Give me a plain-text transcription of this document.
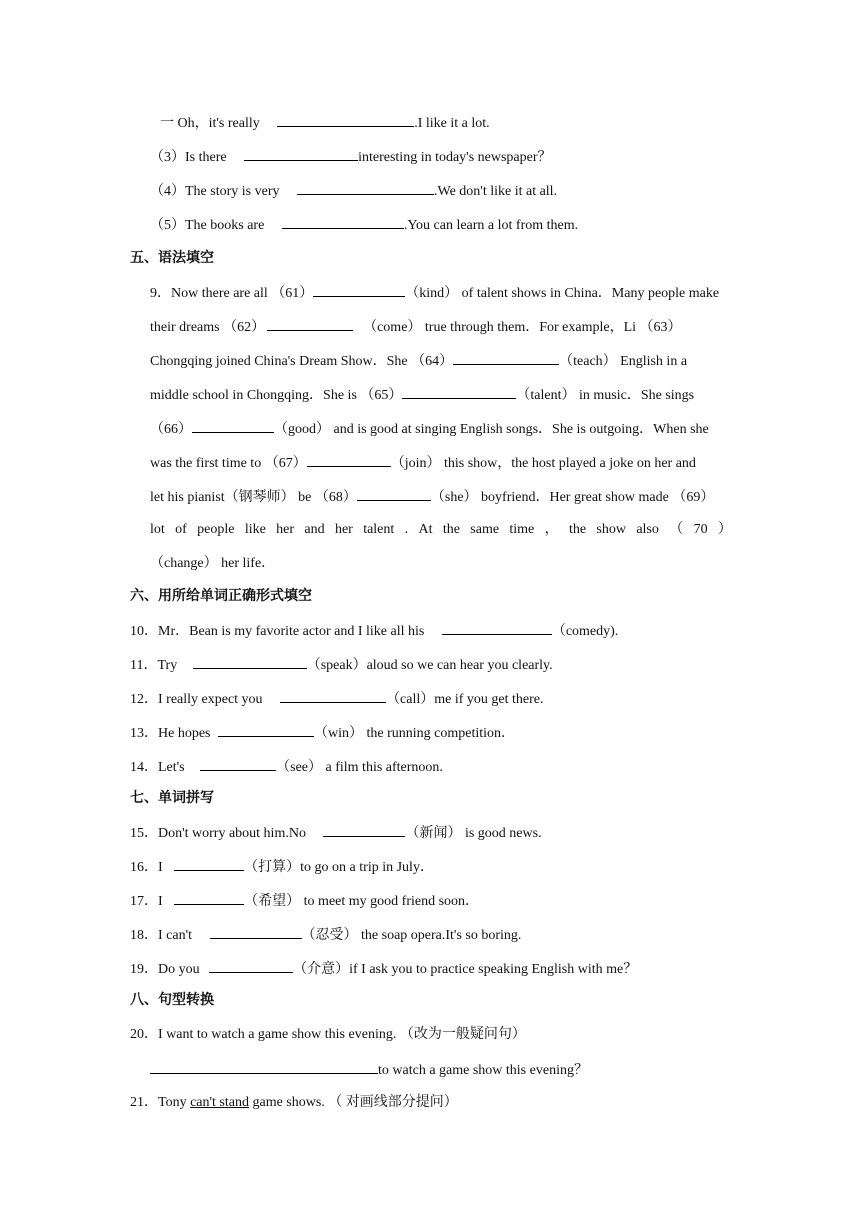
一 Oh，it's really	.I like it a lot.
（3）Is there	interesting in today's newspaper？
（4）The story is very	.We don't like it at all.
（5）The books are	.You can learn a lot from them.
五、语法填空
9．Now there are all （61）	（kind） of talent shows in China．Many people make
their dreams （62）	（come） true through them．For example，Li （63）
Chongqing joined China's Dream Show．She （64）	（teach） English in a
middle school in Chongqing．She is （65）	（talent） in music．She sings
（66）	（good） and is good at singing English songs．She is outgoing．When she
was the first time to （67）	（join） this show，the host played a joke on her and
let his pianist（钢琴师） be （68）	（she） boyfriend．Her great show made （69）
lot of people like her and her talent . At the same time ， the show also （ 70 ）
（change） her life．
六、用所给单词正确形式填空
10．Mr．Bean is my favorite actor and I like all his	（comedy).
11．Try	（speak）aloud so we can hear you clearly.
12．I really expect you	（call）me if you get there.
13．He hopes	（win） the running competition．
14．Let's	（see） a film this afternoon.
七、单词拼写
15．Don't worry about him.No	（新闻） is good news.
16．I	（打算）to go on a trip in July．
17．I	（希望） to meet my good friend soon．
18．I can't	（忍受） the soap opera.It's so boring.
19．Do you	（介意）if I ask you to practice speaking English with me？
八、句型转换
20．I want to watch a game show this evening. （改为一般疑问句）
to watch a game show this evening？
21．Tony can't stand game shows. （ 对画线部分提问）
